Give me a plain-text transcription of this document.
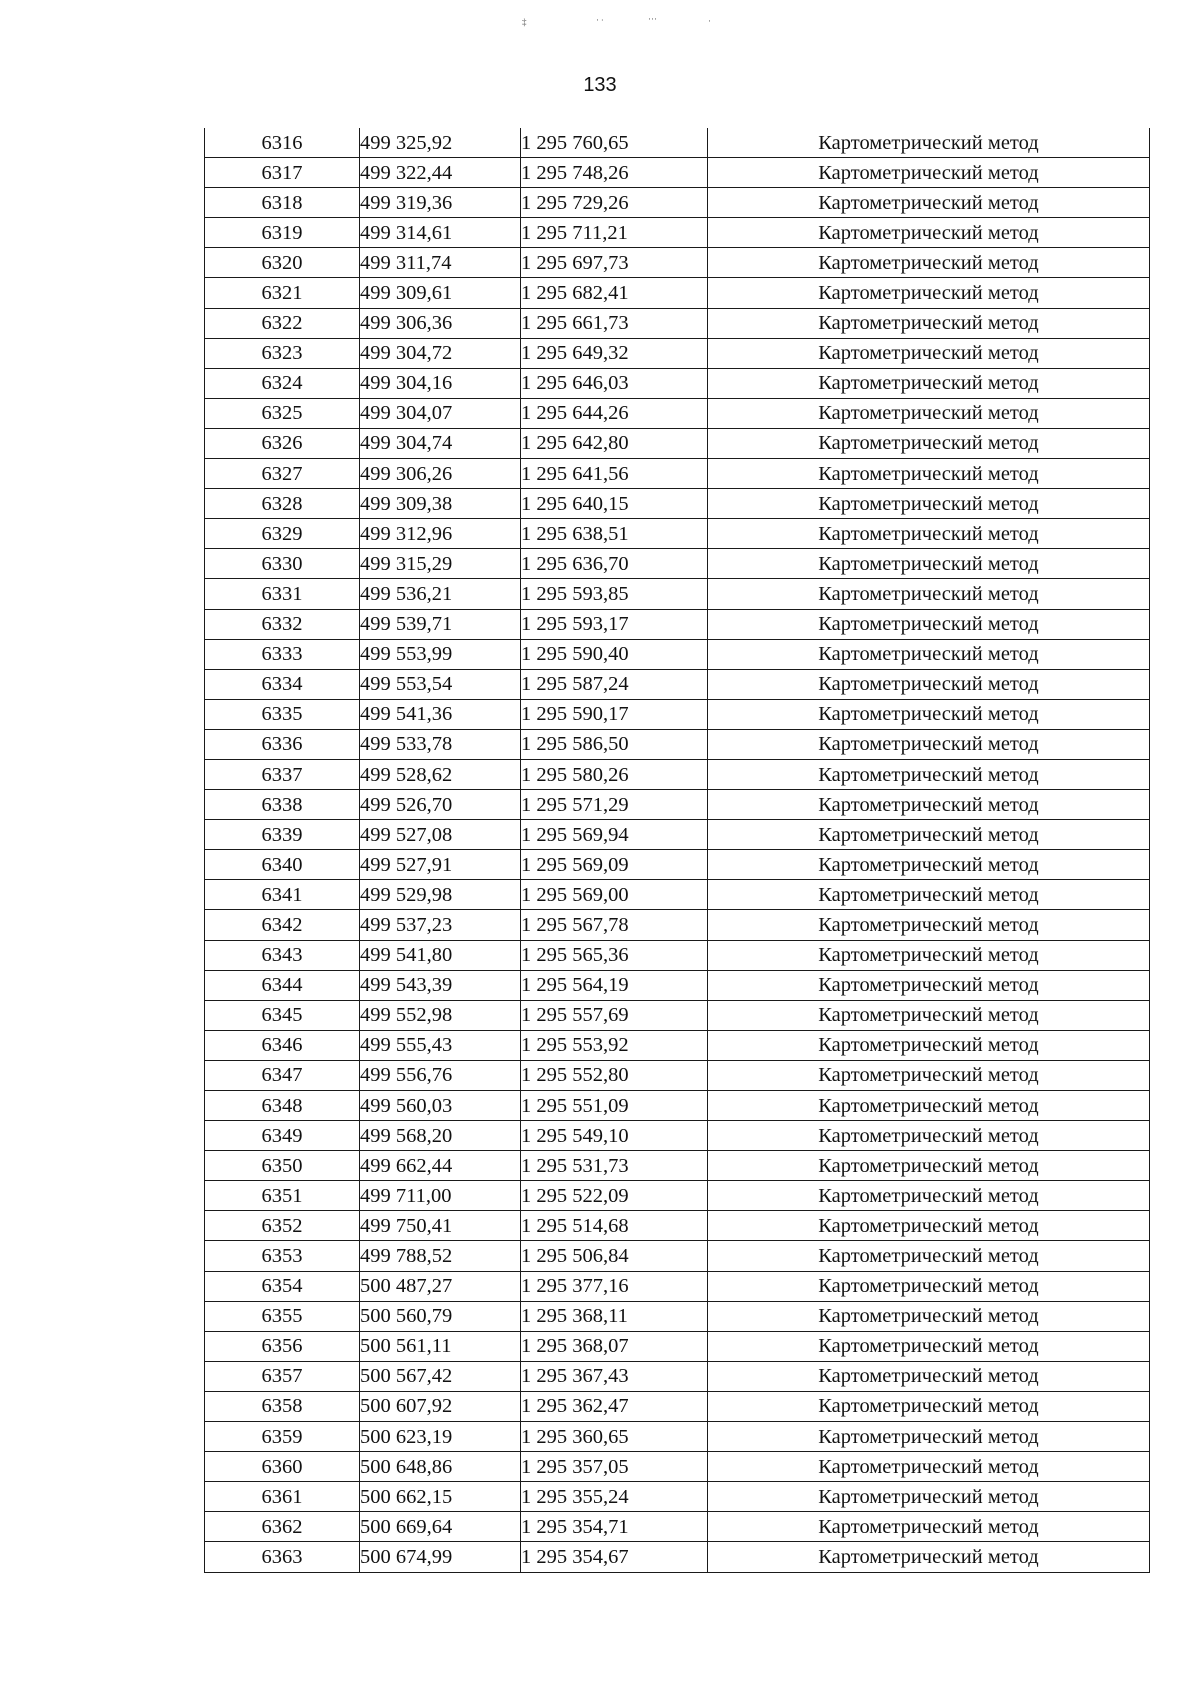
‡	· ∙	···	·
133
6316	499 325,92	1 295 760,65	Картометрический метод
6317	499 322,44	1 295 748,26	Картометрический метод
6318	499 319,36	1 295 729,26	Картометрический метод
6319	499 314,61	1 295 711,21	Картометрический метод
6320	499 311,74	1 295 697,73	Картометрический метод
6321	499 309,61	1 295 682,41	Картометрический метод
6322	499 306,36	1 295 661,73	Картометрический метод
6323	499 304,72	1 295 649,32	Картометрический метод
6324	499 304,16	1 295 646,03	Картометрический метод
6325	499 304,07	1 295 644,26	Картометрический метод
6326	499 304,74	1 295 642,80	Картометрический метод
6327	499 306,26	1 295 641,56	Картометрический метод
6328	499 309,38	1 295 640,15	Картометрический метод
6329	499 312,96	1 295 638,51	Картометрический метод
6330	499 315,29	1 295 636,70	Картометрический метод
6331	499 536,21	1 295 593,85	Картометрический метод
6332	499 539,71	1 295 593,17	Картометрический метод
6333	499 553,99	1 295 590,40	Картометрический метод
6334	499 553,54	1 295 587,24	Картометрический метод
6335	499 541,36	1 295 590,17	Картометрический метод
6336	499 533,78	1 295 586,50	Картометрический метод
6337	499 528,62	1 295 580,26	Картометрический метод
6338	499 526,70	1 295 571,29	Картометрический метод
6339	499 527,08	1 295 569,94	Картометрический метод
6340	499 527,91	1 295 569,09	Картометрический метод
6341	499 529,98	1 295 569,00	Картометрический метод
6342	499 537,23	1 295 567,78	Картометрический метод
6343	499 541,80	1 295 565,36	Картометрический метод
6344	499 543,39	1 295 564,19	Картометрический метод
6345	499 552,98	1 295 557,69	Картометрический метод
6346	499 555,43	1 295 553,92	Картометрический метод
6347	499 556,76	1 295 552,80	Картометрический метод
6348	499 560,03	1 295 551,09	Картометрический метод
6349	499 568,20	1 295 549,10	Картометрический метод
6350	499 662,44	1 295 531,73	Картометрический метод
6351	499 711,00	1 295 522,09	Картометрический метод
6352	499 750,41	1 295 514,68	Картометрический метод
6353	499 788,52	1 295 506,84	Картометрический метод
6354	500 487,27	1 295 377,16	Картометрический метод
6355	500 560,79	1 295 368,11	Картометрический метод
6356	500 561,11	1 295 368,07	Картометрический метод
6357	500 567,42	1 295 367,43	Картометрический метод
6358	500 607,92	1 295 362,47	Картометрический метод
6359	500 623,19	1 295 360,65	Картометрический метод
6360	500 648,86	1 295 357,05	Картометрический метод
6361	500 662,15	1 295 355,24	Картометрический метод
6362	500 669,64	1 295 354,71	Картометрический метод
6363	500 674,99	1 295 354,67	Картометрический метод
